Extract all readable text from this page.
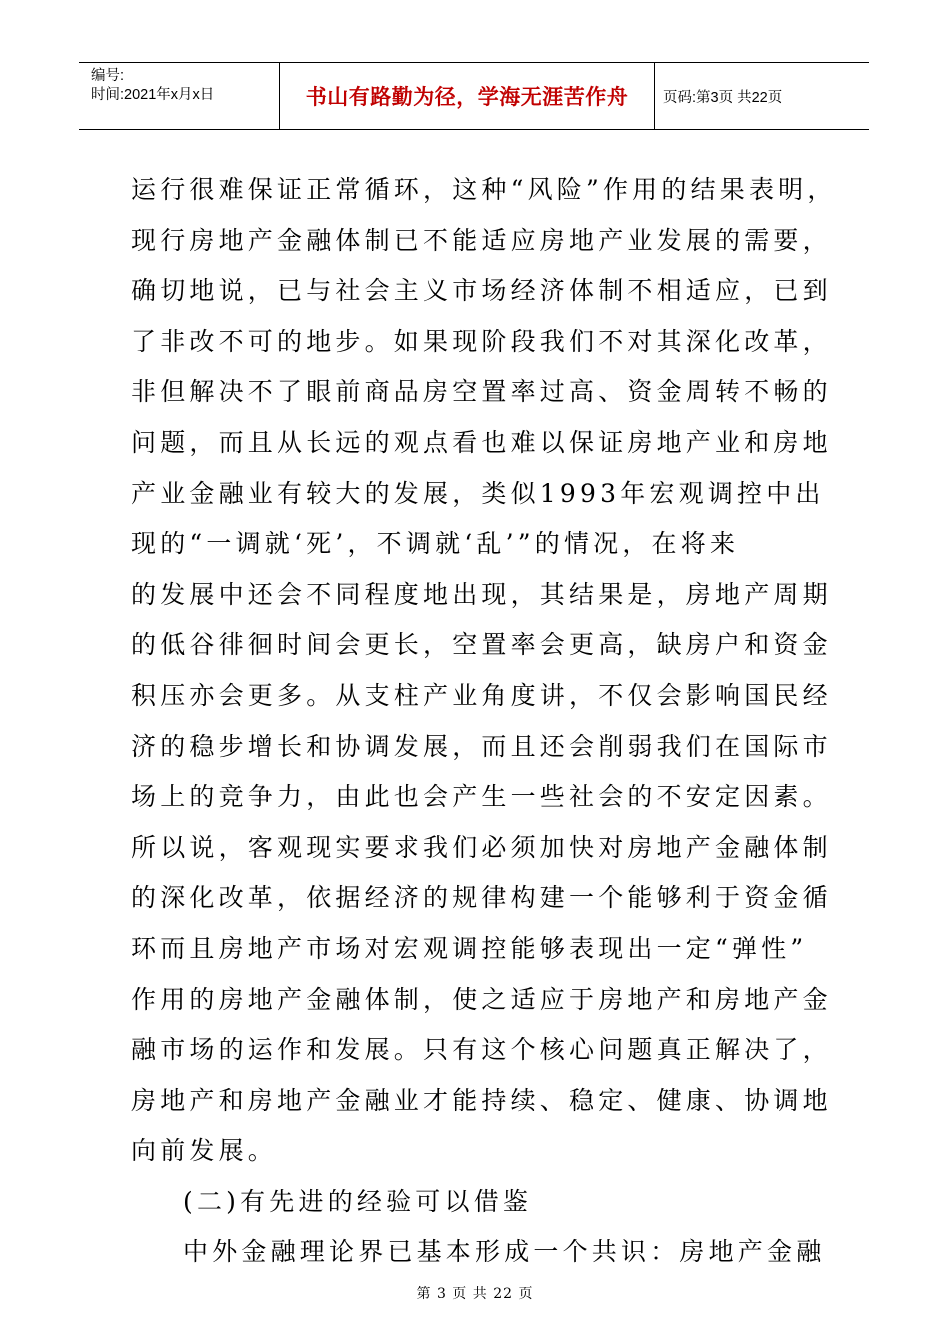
编号:
时间:2021年x月x日	书山有路勤为径，学海无涯苦作舟	页码:第3页 共22页
运行很难保证正常循环，这种“风险”作用的结果表明，
现行房地产金融体制已不能适应房地产业发展的需要，
确切地说，已与社会主义市场经济体制不相适应，已到
了非改不可的地步。如果现阶段我们不对其深化改革，
非但解决不了眼前商品房空置率过高、资金周转不畅的
问题，而且从长远的观点看也难以保证房地产业和房地
产业金融业有较大的发展，类似1993年宏观调控中出
现的“一调就‘死’，不调就‘乱’”的情况，在将来
的发展中还会不同程度地出现，其结果是，房地产周期
的低谷徘徊时间会更长，空置率会更高，缺房户和资金
积压亦会更多。从支柱产业角度讲，不仅会影响国民经
济的稳步增长和协调发展，而且还会削弱我们在国际市
场上的竞争力，由此也会产生一些社会的不安定因素。
所以说，客观现实要求我们必须加快对房地产金融体制
的深化改革，依据经济的规律构建一个能够利于资金循
环而且房地产市场对宏观调控能够表现出一定“弹性”
作用的房地产金融体制，使之适应于房地产和房地产金
融市场的运作和发展。只有这个核心问题真正解决了，
房地产和房地产金融业才能持续、稳定、健康、协调地
向前发展。
(二)有先进的经验可以借鉴
中外金融理论界已基本形成一个共识：房地产金融
第 3 页 共 22 页
